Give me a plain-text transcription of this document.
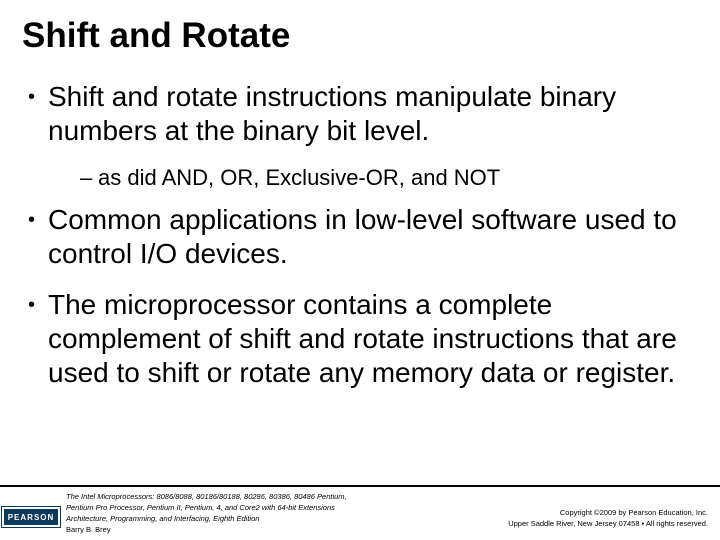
Shift and Rotate

• Shift and rotate instructions manipulate binary numbers at the binary bit level.

– as did AND, OR, Exclusive-OR, and NOT

• Common applications in low-level software used to control I/O devices.

• The microprocessor contains a complete complement of shift and rotate instructions that are used to shift or rotate any memory data or register.

PEARSON

The Intel Microprocessors: 8086/8088, 80186/80188, 80286, 80386, 80486 Pentium,
Pentium Pro Processor, Pentium II, Pentium, 4, and Core2 with 64-bit Extensions
Architecture, Programming, and Interfacing, Eighth Edition
Barry B. Brey

Copyright ©2009 by Pearson Education, Inc.
Upper Saddle River, New Jersey 07458 • All rights reserved.
